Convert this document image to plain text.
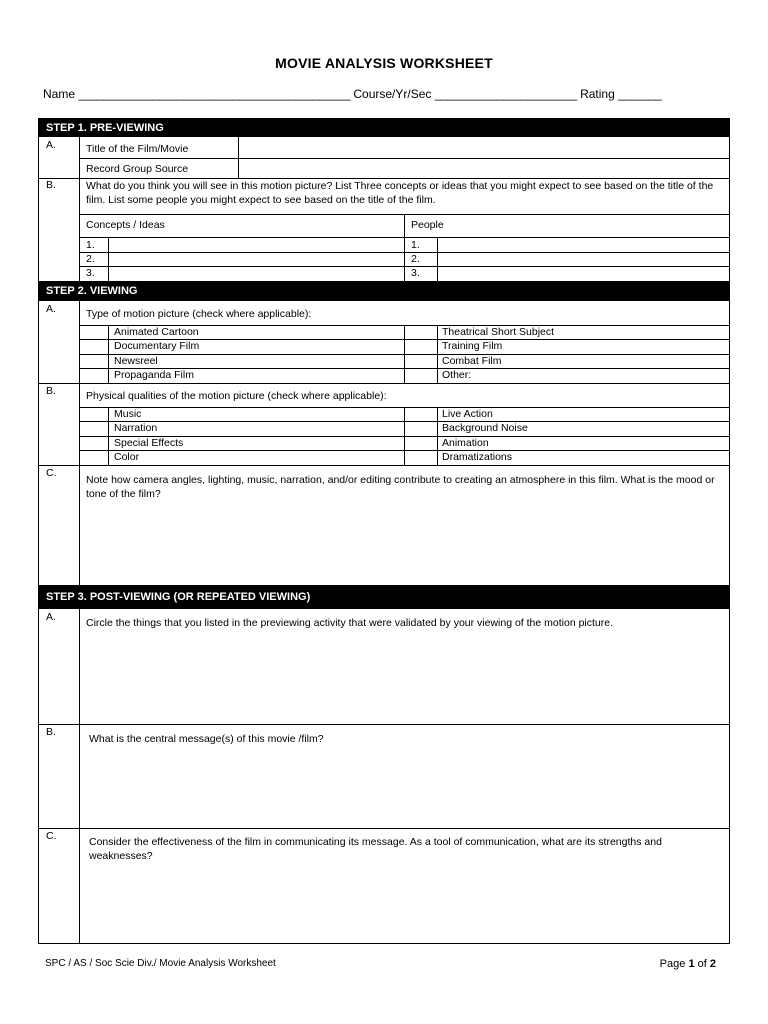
MOVIE ANALYSIS WORKSHEET
Name ____________________________________________ Course/Yr/Sec _______________________ Rating _______
STEP 1. PRE-VIEWING
A.	Title of the Film/Movie
Record Group Source
B.	What do you think you will see in this motion picture? List Three concepts or ideas that you might expect to see based on the title of the film. List some people you might expect to see based on the title of the film.
Concepts / Ideas	People
1.	1.
2.	2.
3.	3.
STEP 2. VIEWING
A.	Type of motion picture (check where applicable):
Animated Cartoon	Theatrical Short Subject
Documentary Film	Training Film
Newsreel	Combat Film
Propaganda Film	Other:
B.	Physical qualities of the motion picture (check where applicable):
Music	Live Action
Narration	Background Noise
Special Effects	Animation
Color	Dramatizations
C.
Note how camera angles, lighting, music, narration, and/or editing contribute to creating an atmosphere in this film. What is the mood or tone of the film?
STEP 3. POST-VIEWING (OR REPEATED VIEWING)
A.	Circle the things that you listed in the previewing activity that were validated by your viewing of the motion picture.
B.
What is the central message(s) of this movie /film?
C.	Consider the effectiveness of the film in communicating its message. As a tool of communication, what are its strengths and weaknesses?
SPC / AS / Soc Scie Div./ Movie Analysis Worksheet	Page 1 of 2
